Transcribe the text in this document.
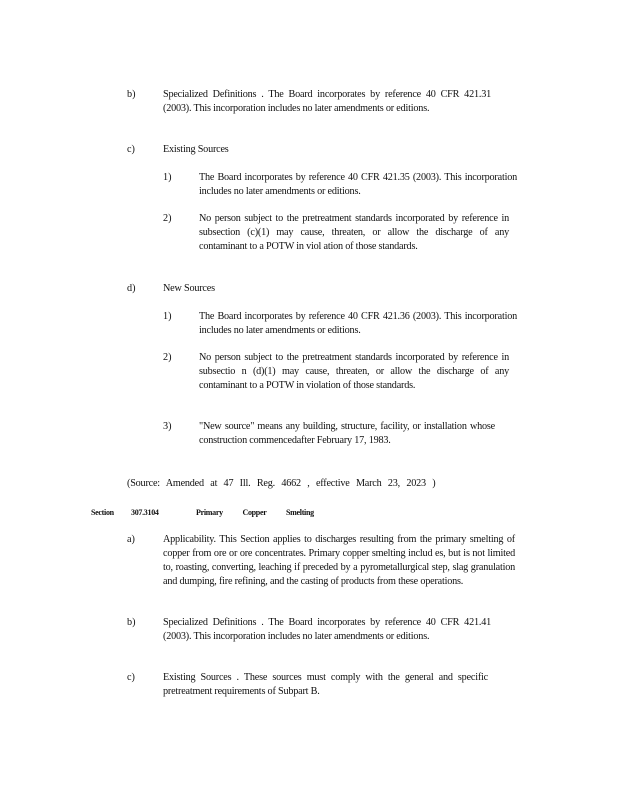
b)	Specialized Definitions . The Board incorporates by reference 40 CFR 421.31 (2003). This incorporation includes no later amendments or editions.
c)	Existing Sources
1)	The Board incorporates by reference 40 CFR 421.35 (2003). This incorporation includes no later amendments or editions.
2)	No person subject to the pretreatment standards incorporated by reference in subsection (c)(1) may cause, threaten, or allow the discharge of any contaminant to a POTW in viol ation of those standards.
d)	New Sources
1)	The Board incorporates by reference 40 CFR 421.36 (2003). This incorporation includes no later amendments or editions.
2)	No person subject to the pretreatment standards incorporated by reference in subsectio n (d)(1) may cause, threaten, or allow the discharge of any contaminant to a POTW in violation of those standards.
3)	"New source" means any building, structure, facility, or installation whose construction commencedafter February 17, 1983.
(Source: Amended at 47 Ill. Reg. 4662 , effective March 23, 2023 )
Section 307.3104	Primary Copper Smelting
a)	Applicability. This Section applies to discharges resulting from the primary smelting of copper from ore or ore concentrates. Primary copper smelting includ es, but is not limited to, roasting, converting, leaching if preceded by a pyrometallurgical step, slag granulation and dumping, fire refining, and the casting of products from these operations.
b)	Specialized Definitions . The Board incorporates by reference 40 CFR 421.41 (2003). This incorporation includes no later amendments or editions.
c)	Existing Sources . These sources must comply with the general and specific pretreatment requirements of Subpart B.
